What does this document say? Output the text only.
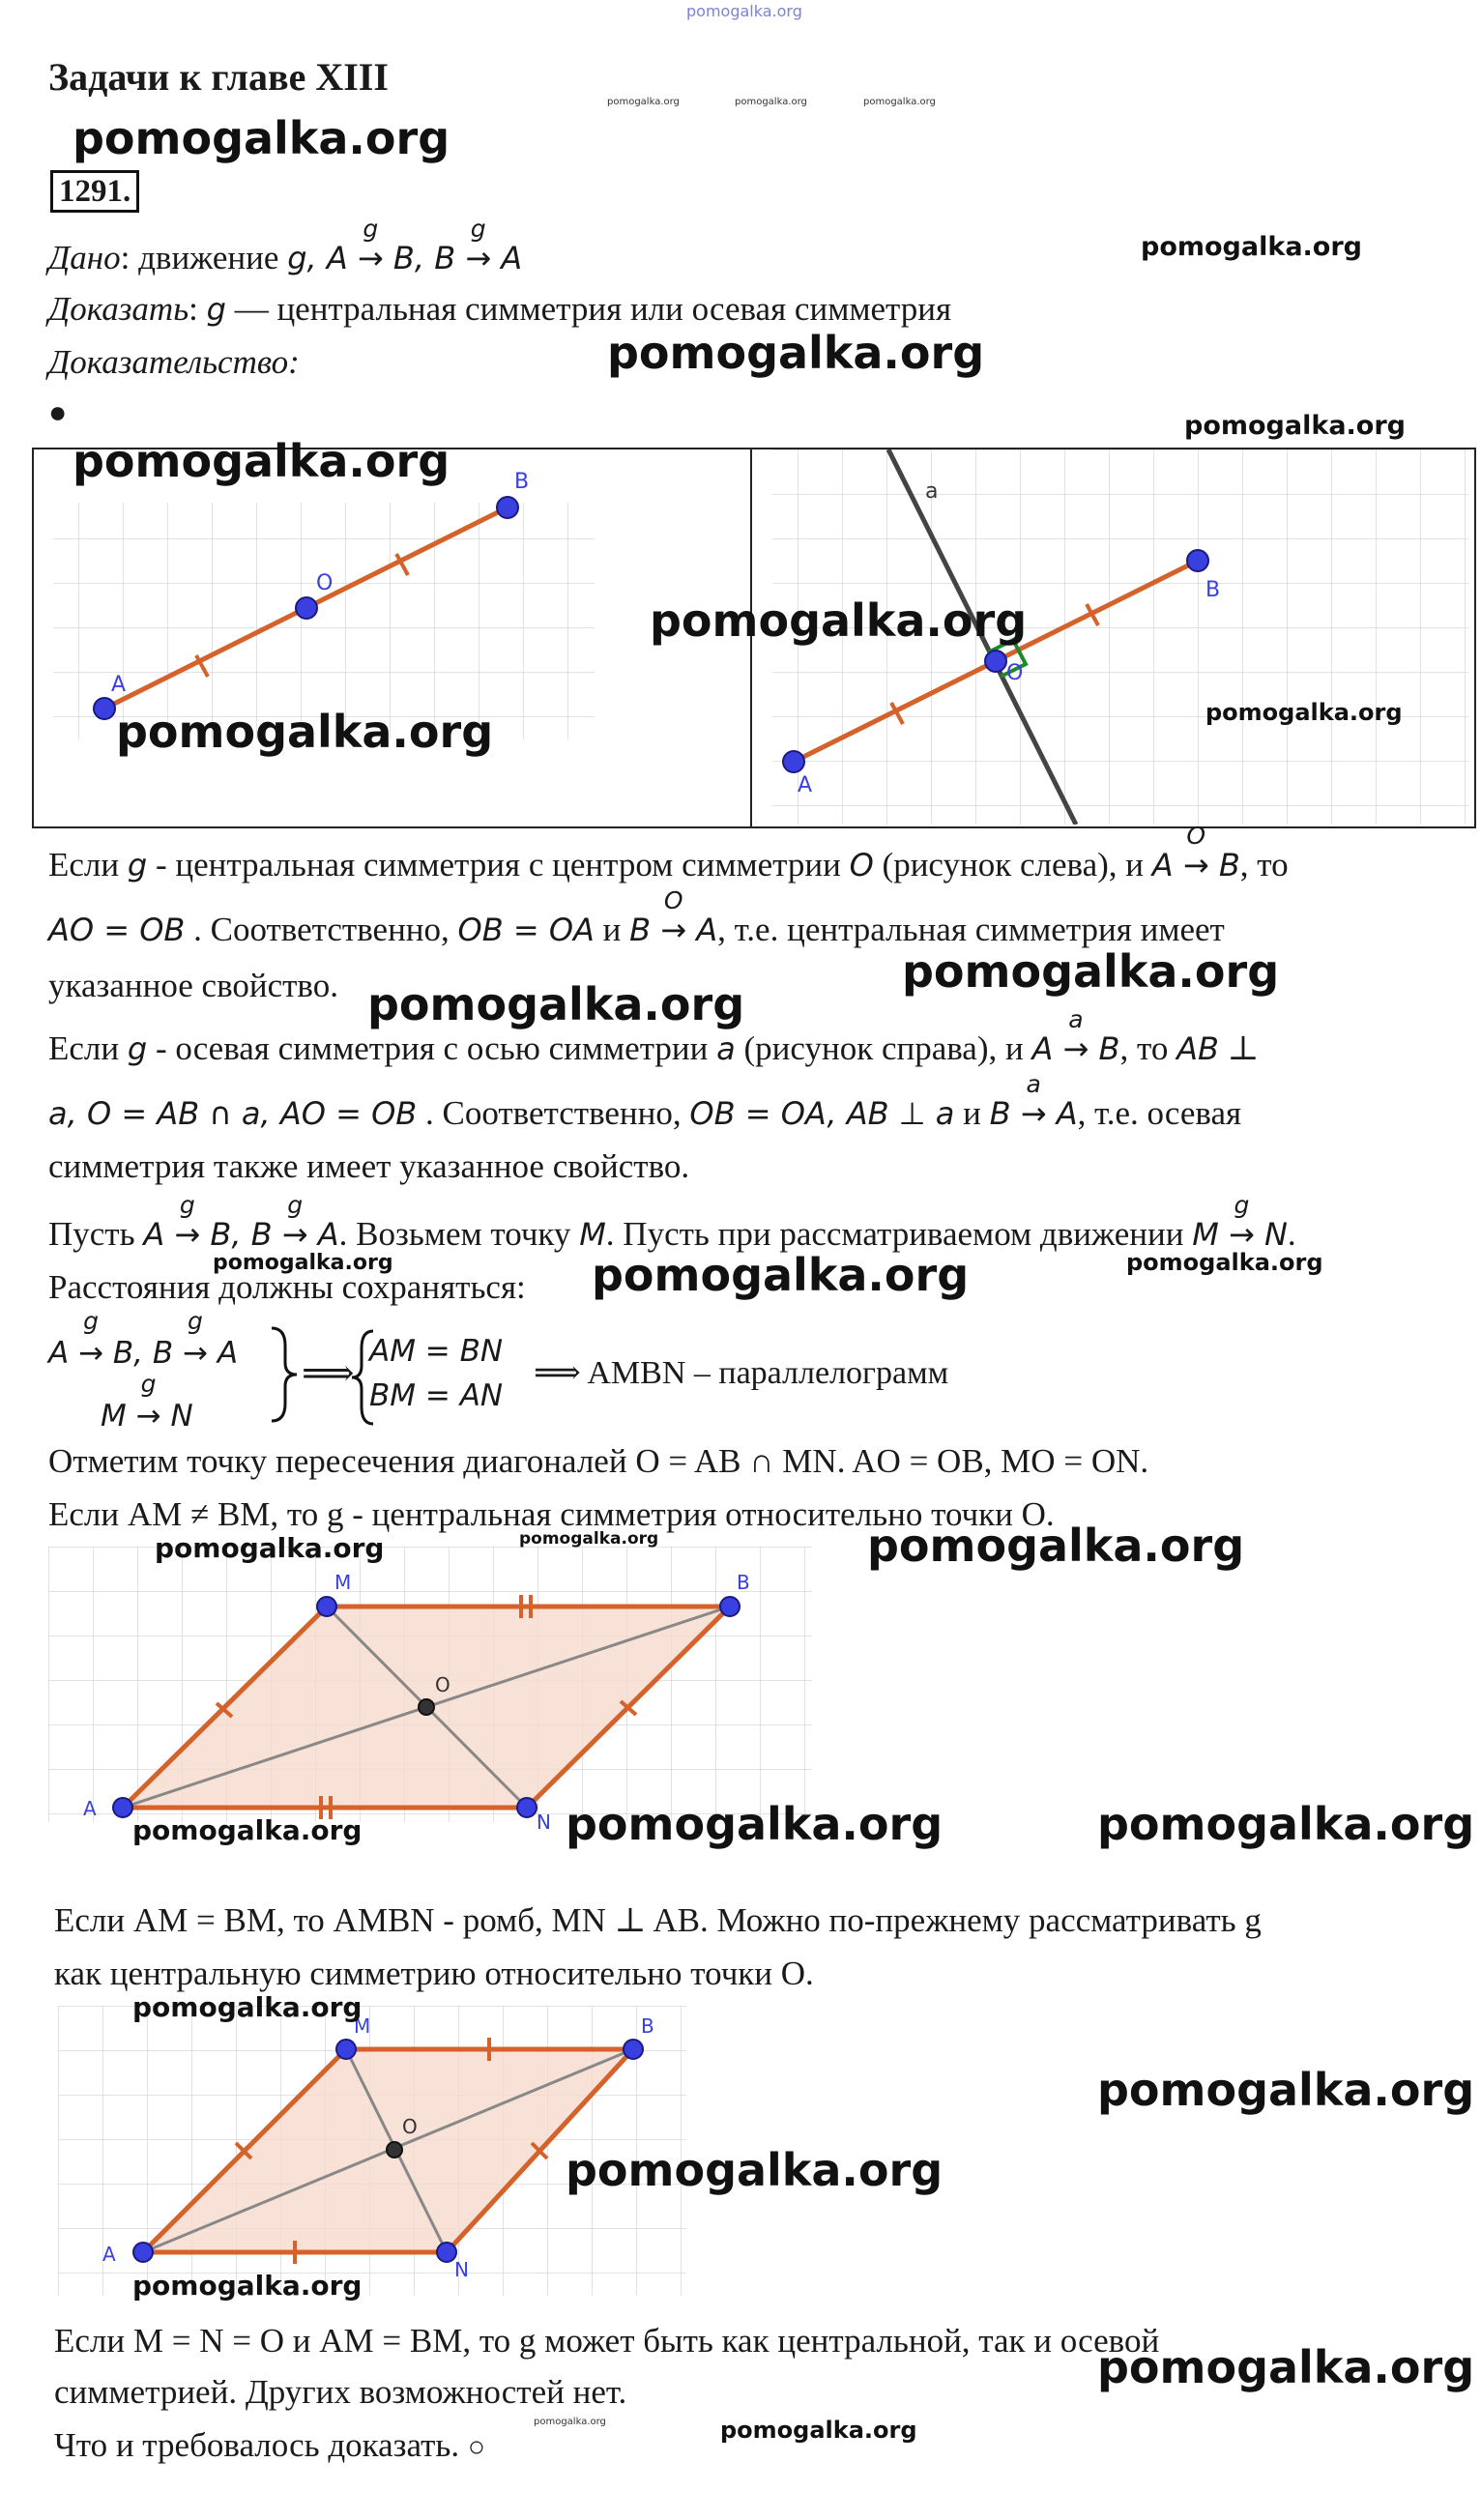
pomogalka.org
Задачи к главе XIII
pomogalka.org	pomogalka.org	pomogalka.org
pomogalka.org
1291.
Дано: движение g, A →
g
B, B →
g
A	pomogalka.org
Доказать: g — центральная симметрия или осевая симметрия
pomogalka.org
Доказательство:
●	pomogalka.org
A
O
B
pomogalka.org
pomogalka.org
a
O
B
A
pomogalka.org
pomogalka.org
Если g - центральная симметрия с центром симметрии O (рисунок слева), и A →
O
B, то
AO = OB . Соответственно, OB = OA и B →
O
A, т.е. центральная симметрия имеет
указанное свойство.	pomogalka.org
pomogalka.org
Если g - осевая симметрия с осью симметрии a (рисунок справа), и A →
a
B, то AB ⊥
a, O = AB ∩ a, AO = OB . Соответственно, OB = OA, AB ⊥ a и B →
a
A, т.е. осевая
симметрия также имеет указанное свойство.
Пусть A →
g
B, B →
g
A. Возьмем точку M. Пусть при рассматриваемом движении M →
g
N.
Расстояния должны сохраняться:
pomogalka.org	pomogalka.org	pomogalka.org
A →
g
B, B →
g
A
M →
g
N
⟹
AM = BN
BM = AN
⟹ AMBN – параллелограмм
Отметим точку пересечения диагоналей O = AB ∩ MN. AO = OB, MO = ON.
Если AM ≠ BM, то g - центральная симметрия относительно точки O.
M	B
O
A
N
pomogalka.org	pomogalka.org	pomogalka.org
pomogalka.org	pomogalka.org	pomogalka.org
Если AM = BM, то AMBN - ромб, MN ⊥ AB. Можно по-прежнему рассматривать g
как центральную симметрию относительно точки O.
M	B
O
A
N
pomogalka.org
pomogalka.org
pomogalka.org
pomogalka.org
Если M = N = O и AM = BM, то g может быть как центральной, так и осевой
симметрией. Других возможностей нет.
Что и требовалось доказать. ○
pomogalka.org
pomogalka.org
pomogalka.org
